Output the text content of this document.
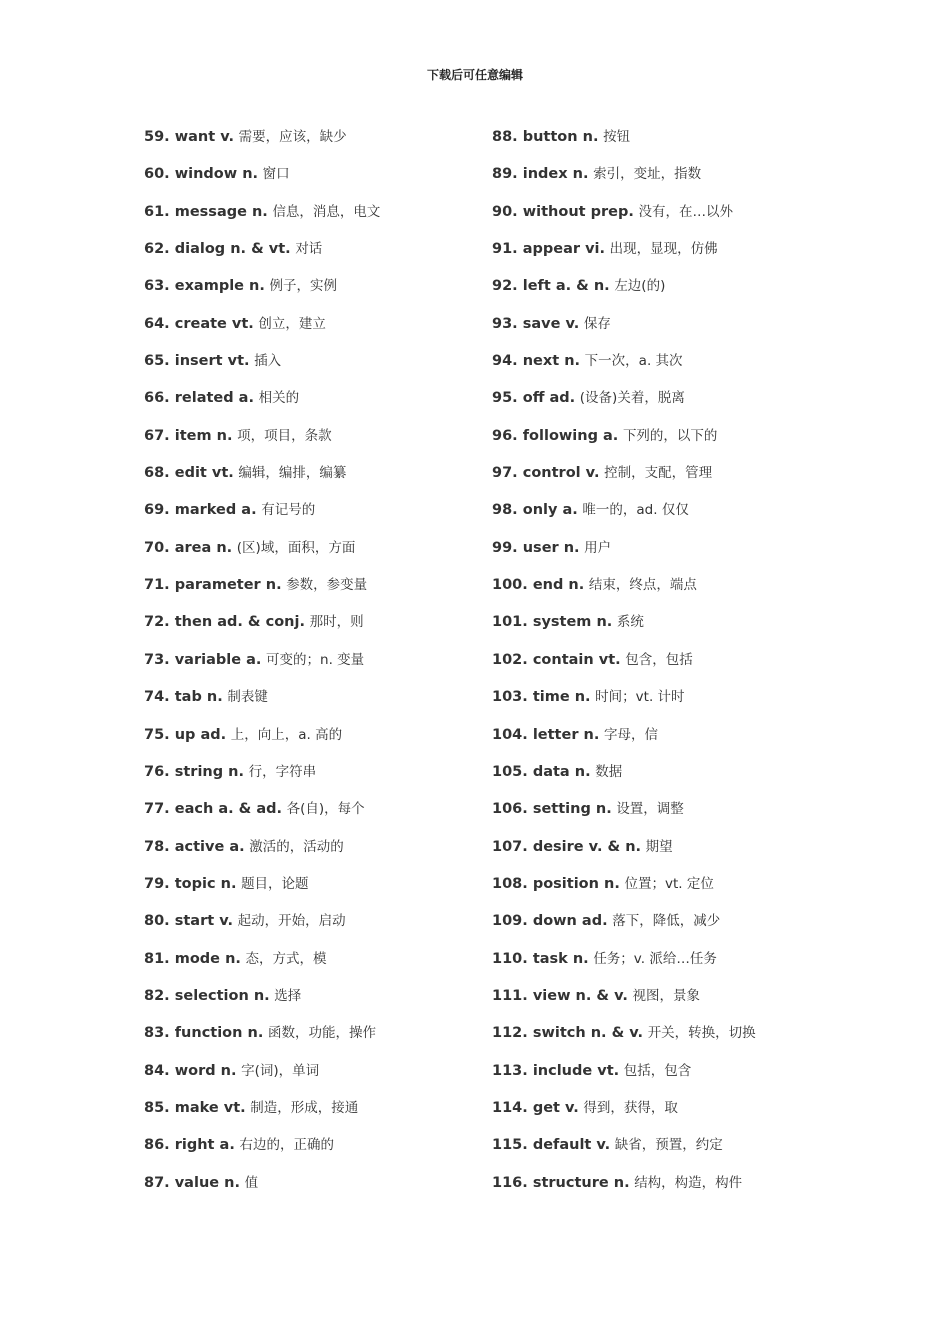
下载后可任意编辑
59. want v. 需要，应该，缺少
60. window n. 窗口
61. message n. 信息，消息，电文
62. dialog n. & vt. 对话
63. example n. 例子，实例
64. create vt. 创立，建立
65. insert vt. 插入
66. related a. 相关的
67. item n. 项，项目，条款
68. edit vt. 编辑，编排，编纂
69. marked a. 有记号的
70. area n. (区)域，面积，方面
71. parameter n. 参数，参变量
72. then ad. & conj. 那时，则
73. variable a. 可变的；n. 变量
74. tab n. 制表键
75. up ad. 上，向上，a. 高的
76. string n. 行，字符串
77. each a. & ad. 各(自)，每个
78. active a. 激活的，活动的
79. topic n. 题目，论题
80. start v. 起动，开始，启动
81. mode n. 态，方式，模
82. selection n. 选择
83. function n. 函数，功能，操作
84. word n. 字(词)，单词
85. make vt. 制造，形成，接通
86. right a. 右边的，正确的
87. value n. 值
88. button n. 按钮
89. index n. 索引，变址，指数
90. without prep. 没有，在…以外
91. appear vi. 出现，显现，仿佛
92. left a. & n. 左边(的)
93. save v. 保存
94. next n. 下一次，a. 其次
95. off ad. (设备)关着，脱离
96. following a. 下列的，以下的
97. control v. 控制，支配，管理
98. only a. 唯一的，ad. 仅仅
99. user n. 用户
100. end n. 结束，终点，端点
101. system n. 系统
102. contain vt. 包含，包括
103. time n. 时间；vt. 计时
104. letter n. 字母，信
105. data n. 数据
106. setting n. 设置，调整
107. desire v. & n. 期望
108. position n. 位置；vt. 定位
109. down ad. 落下，降低，减少
110. task n. 任务；v. 派给…任务
111. view n. & v. 视图，景象
112. switch n. & v. 开关，转换，切换
113. include vt. 包括，包含
114. get v. 得到，获得，取
115. default v. 缺省，预置，约定
116. structure n. 结构，构造，构件
